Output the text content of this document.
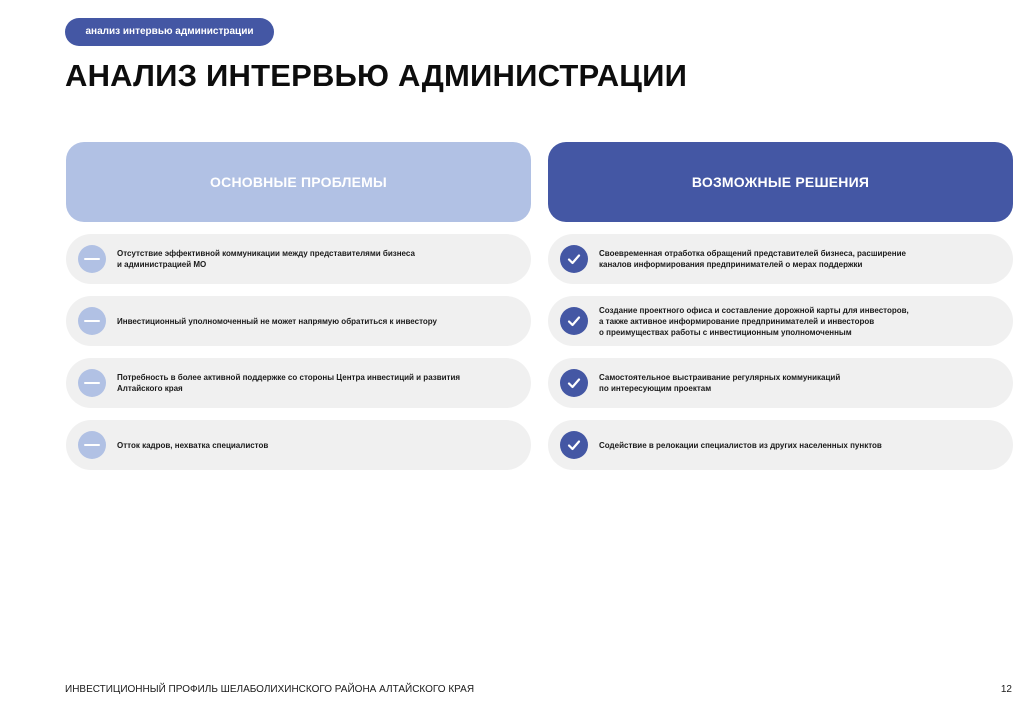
анализ интервью администрации
АНАЛИЗ ИНТЕРВЬЮ АДМИНИСТРАЦИИ
ОСНОВНЫЕ ПРОБЛЕМЫ	ВОЗМОЖНЫЕ РЕШЕНИЯ
Отсутствие эффективной коммуникации между представителями бизнеса
и администрацией МО
Инвестиционный уполномоченный не может напрямую обратиться к инвестору
Потребность в более активной поддержке со стороны Центра инвестиций и развития
Алтайского края
Отток кадров, нехватка специалистов
Своевременная отработка обращений представителей бизнеса, расширение
каналов информирования предпринимателей о мерах поддержки
Создание проектного офиса и составление дорожной карты для инвесторов,
а также активное информирование предпринимателей и инвесторов
о преимуществах работы с инвестиционным уполномоченным
Самостоятельное выстраивание регулярных коммуникаций
по интересующим проектам
Содействие в релокации специалистов из других населенных пунктов
ИНВЕСТИЦИОННЫЙ ПРОФИЛЬ ШЕЛАБОЛИХИНСКОГО РАЙОНА АЛТАЙСКОГО КРАЯ	12
